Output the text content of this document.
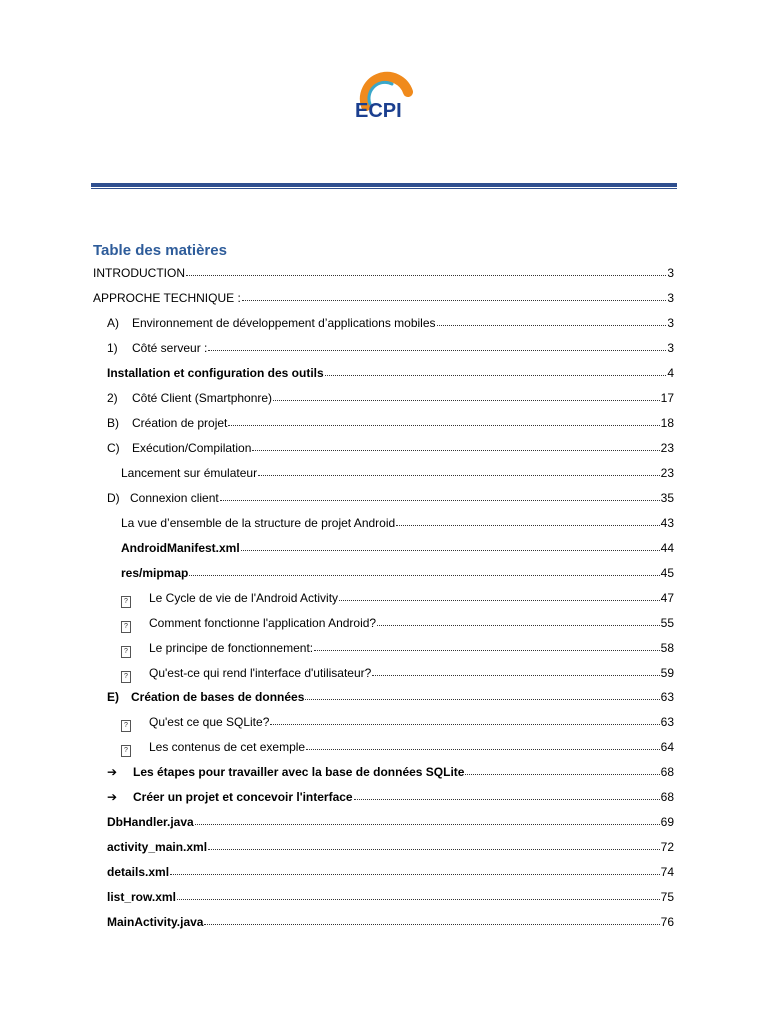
ECPI
Table des matières
INTRODUCTION	3
APPROCHE TECHNIQUE :	3
A)	Environnement de développement d’applications mobiles	3
1)	Côté serveur :	3
Installation et configuration des outils	4
2)	Côté Client (Smartphonre)	17
B)	Création de projet	18
C)	Exécution/Compilation	23
Lancement sur émulateur	23
D) Connexion client	35
La vue d’ensemble de la structure de projet Android	43
AndroidManifest.xml	44
res/mipmap	45
? Le Cycle de vie de l'Android Activity	47
? Comment fonctionne l'application Android?	55
? Le principe de fonctionnement:	58
? Qu'est-ce qui rend l'interface d'utilisateur?	59
E)	Création de bases de données	63
? Qu'est ce que SQLite?	63
? Les contenus de cet exemple	64
➔	Les étapes pour travailler avec la base de données SQLite	68
➔	Créer un projet et concevoir l'interface	68
DbHandler.java	69
activity_main.xml	72
details.xml	74
list_row.xml	75
MainActivity.java	76
